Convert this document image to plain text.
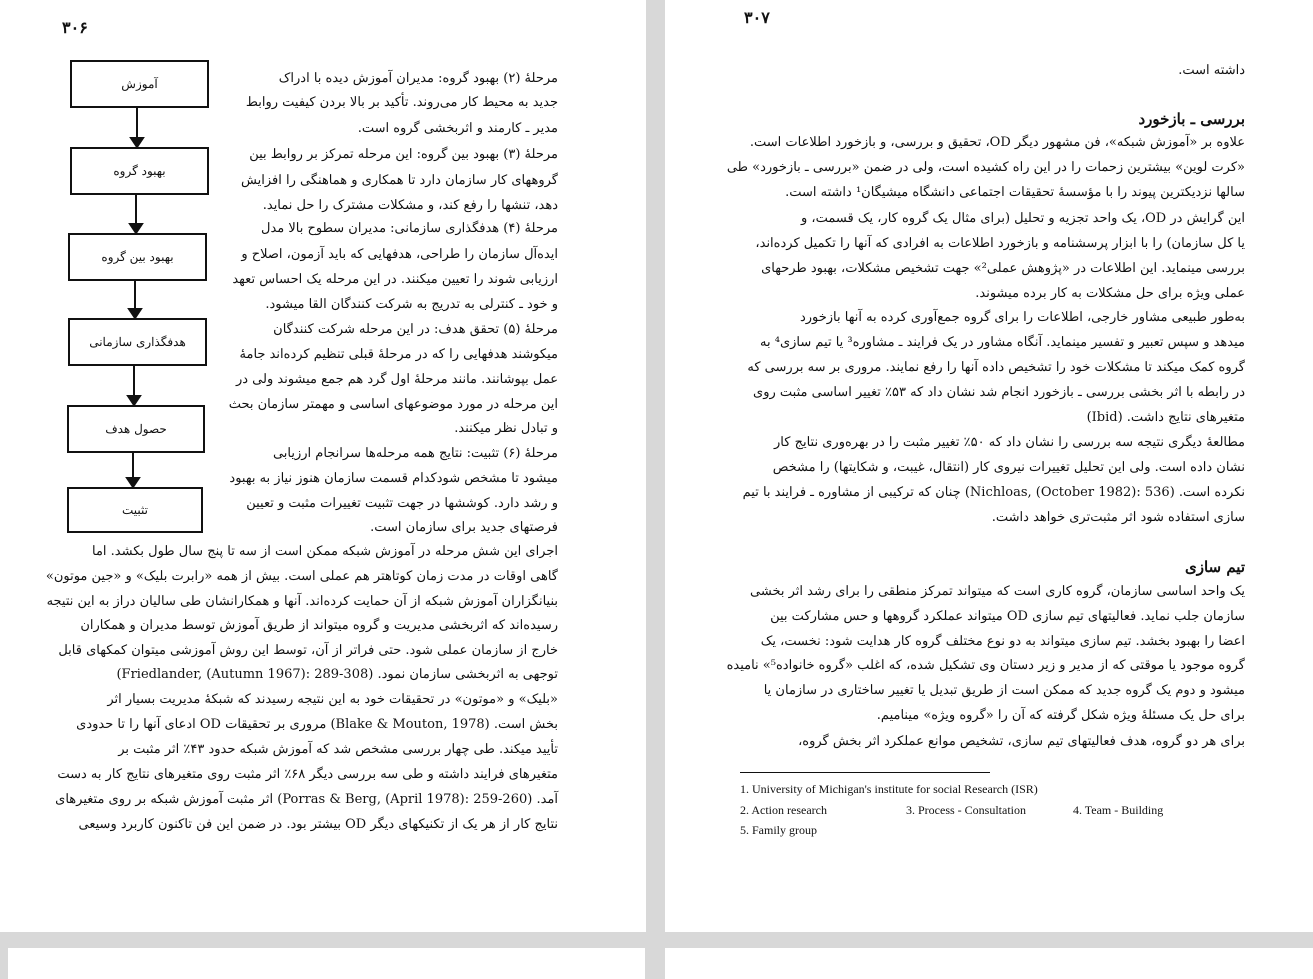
۳۰۶
آموزش
بهبود گروه
بهبود بین گروه
هدفگذاری سازمانی
حصول هدف
تثبیت
مرحلهٔ (۲) بهبود گروه: مدیران آموزش دیده با ادراک
جدید به محیط کار می‌روند. تأکید بر بالا بردن کیفیت روابط
مدیر ـ کارمند و اثربخشی گروه است.
مرحلهٔ (۳) بهبود بین گروه: این مرحله تمرکز بر روابط بین
گروههای کار سازمان دارد تا همکاری و هماهنگی را افزایش
دهد، تنشها را رفع کند، و مشکلات مشترک را حل نماید.
مرحلهٔ (۴) هدفگذاری سازمانی: مدیران سطوح بالا مدل
ایده‌آل سازمان را طراحی، هدفهایی که باید آزمون، اصلاح و
ارزیابی شوند را تعیین میکنند. در این مرحله یک احساس تعهد
و خود ـ کنترلی به تدریج به شرکت کنندگان القا میشود.
مرحلهٔ (۵) تحقق هدف: در این مرحله شرکت کنندگان
میکوشند هدفهایی را که در مرحلهٔ قبلی تنظیم کرده‌اند جامهٔ
عمل بپوشانند. مانند مرحلهٔ اول گرد هم جمع میشوند ولی در
این مرحله در مورد موضوعهای اساسی و مهمتر سازمان بحث
و تبادل نظر میکنند.
مرحلهٔ (۶) تثبیت: نتایج همه مرحله‌ها سرانجام ارزیابی
میشود تا مشخص شودکدام قسمت سازمان هنوز نیاز به بهبود
و رشد دارد. کوششها در جهت تثبیت تغییرات مثبت و تعیین
فرصتهای جدید برای سازمان است.
اجرای این شش مرحله در آموزش شبکه ممکن است از سه تا پنج سال طول بکشد. اما
گاهی اوقات در مدت زمان کوتاهتر هم عملی است. بیش از همه «رابرت بلیک» و «جین موتون»
بنیانگزاران آموزش شبکه از آن حمایت کرده‌اند. آنها و همکارانشان طی سالیان دراز به این نتیجه
رسیده‌اند که اثربخشی مدیریت و گروه میتواند از طریق آموزش توسط مدیران و همکاران
خارج از سازمان عملی شود. حتی فراتر از آن، توسط این روش آموزشی میتوان کمکهای قابل
توجهی به اثربخشی سازمان نمود. (Friedlander, (Autumn 1967): 289-308)
«بلیک» و «موتون» در تحقیقات خود به این نتیجه رسیدند که شبکهٔ مدیریت بسیار اثر
بخش است. (Blake & Mouton, 1978) مروری بر تحقیقات OD ادعای آنها را تا حدودی
تأیید میکند. طی چهار بررسی مشخص شد که آموزش شبکه حدود ۴۳٪ اثر مثبت بر
متغیرهای فرایند داشته و طی سه بررسی دیگر ۶۸٪ اثر مثبت روی متغیرهای نتایج کار به دست
آمد. (Porras & Berg, (April 1978): 259-260) اثر مثبت آموزش شبکه بر روی متغیرهای
نتایج کار از هر یک از تکنیکهای دیگر OD بیشتر بود. در ضمن این فن تاکنون کاربرد وسیعی
۳۰۷
داشته است.
بررسی ـ بازخورد
علاوه بر «آموزش شبکه»، فن مشهور دیگر OD، تحقیق و بررسی، و بازخورد اطلاعات است.
«کرت لوین» بیشترین زحمات را در این راه کشیده است، ولی در ضمن «بررسی ـ بازخورد» طی
سالها نزدیکترین پیوند را با مؤسسهٔ تحقیقات اجتماعی دانشگاه میشیگان¹ داشته است.
این گرایش در OD، یک واحد تجزیه و تحلیل (برای مثال یک گروه کار، یک قسمت، و
یا کل سازمان) را با ابزار پرسشنامه و بازخورد اطلاعات به افرادی که آنها را تکمیل کرده‌اند،
بررسی مینماید. این اطلاعات در «پژوهش عملی²» جهت تشخیص مشکلات، بهبود طرحهای
عملی ویژه برای حل مشکلات به کار برده میشوند.
به‌طور طبیعی مشاور خارجی، اطلاعات را برای گروه جمع‌آوری کرده به آنها بازخورد
میدهد و سپس تعبیر و تفسیر مینماید. آنگاه مشاور در یک فرایند ـ مشاوره³ یا تیم سازی⁴ به
گروه کمک میکند تا مشکلات خود را تشخیص داده آنها را رفع نمایند. مروری بر سه بررسی که
در رابطه با اثر بخشی بررسی ـ بازخورد انجام شد نشان داد که ۵۳٪ تغییر اساسی مثبت روی
متغیرهای نتایج داشت. (Ibid)
مطالعهٔ دیگری نتیجه سه بررسی را نشان داد که ۵۰٪ تغییر مثبت را در بهره‌وری نتایج کار
نشان داده است. ولی این تحلیل تغییرات نیروی کار (انتقال، غیبت، و شکایتها) را مشخص
نکرده است. (Nichloas, (October 1982): 536) چنان که ترکیبی از مشاوره ـ فرایند با تیم
سازی استفاده شود اثر مثبت‌تری خواهد داشت.
تیم سازی
یک واحد اساسی سازمان، گروه کاری است که میتواند تمرکز منطقی را برای رشد اثر بخشی
سازمان جلب نماید. فعالیتهای تیم سازی OD میتواند عملکرد گروهها و حس مشارکت بین
اعضا را بهبود بخشد. تیم سازی میتواند به دو نوع مختلف گروه کار هدایت شود: نخست، یک
گروه موجود یا موقتی که از مدیر و زیر دستان وی تشکیل شده، که اغلب «گروه خانواده⁵» نامیده
میشود و دوم یک گروه جدید که ممکن است از طریق تبدیل یا تغییر ساختاری در سازمان یا
برای حل یک مسئلهٔ ویژه شکل گرفته که آن را «گروه ویژه» مینامیم.
برای هر دو گروه، هدف فعالیتهای تیم سازی، تشخیص موانع عملکرد اثر بخش گروه،
1. University of Michigan's institute for social Research (ISR)
2. Action research	3. Process - Consultation	4. Team - Building
5. Family group
